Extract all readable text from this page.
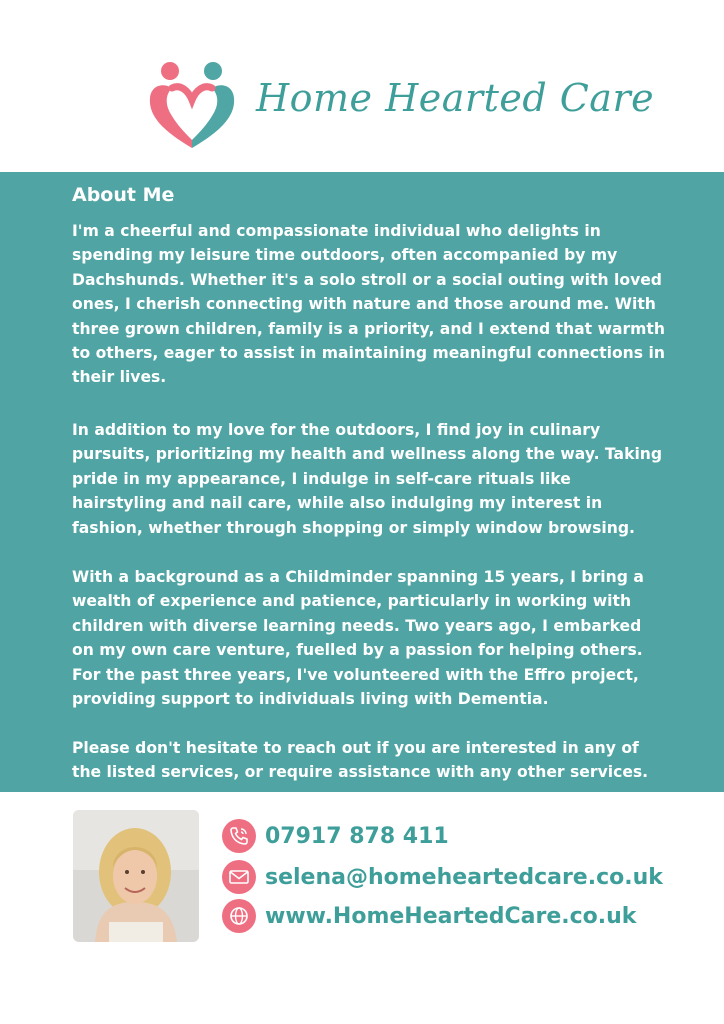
Home Hearted Care
About Me

I'm a cheerful and compassionate individual who delights in spending my leisure time outdoors, often accompanied by my Dachshunds. Whether it's a solo stroll or a social outing with loved ones, I cherish connecting with nature and those around me. With three grown children, family is a priority, and I extend that warmth to others, eager to assist in maintaining meaningful connections in their lives.

In addition to my love for the outdoors, I find joy in culinary pursuits, prioritizing my health and wellness along the way. Taking pride in my appearance, I indulge in self-care rituals like hairstyling and nail care, while also indulging my interest in fashion, whether through shopping or simply window browsing.

With a background as a Childminder spanning 15 years, I bring a wealth of experience and patience, particularly in working with children with diverse learning needs. Two years ago, I embarked on my own care venture, fuelled by a passion for helping others. For the past three years, I've volunteered with the Effro project, providing support to individuals living with Dementia.

Please don't hesitate to reach out if you are interested in any of the listed services, or require assistance with any other services.

07917 878 411
selena@homeheartedcare.co.uk
www.HomeHeartedCare.co.uk
